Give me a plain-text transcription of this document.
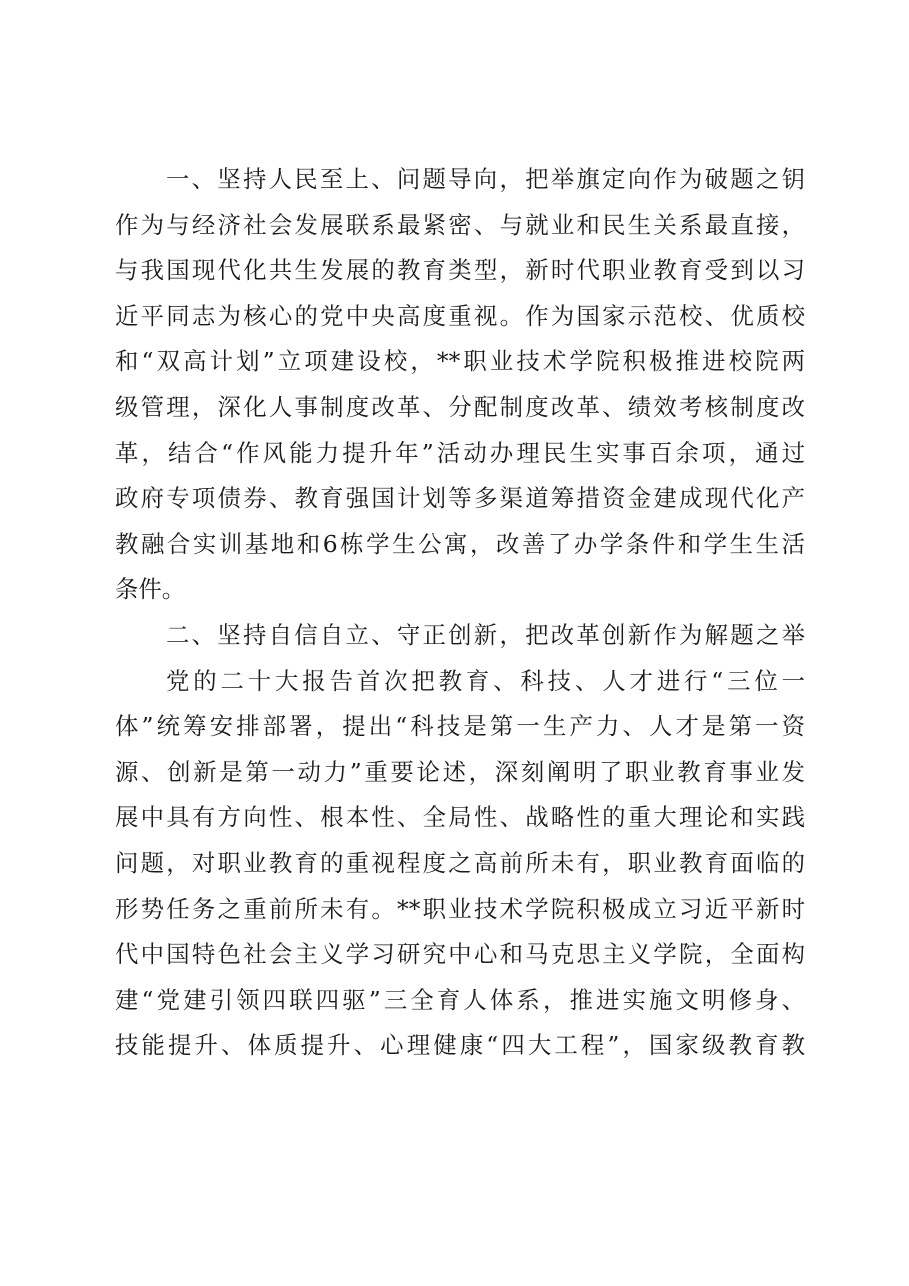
一、坚持人民至上、问题导向，把举旗定向作为破题之钥
作为与经济社会发展联系最紧密、与就业和民生关系最直接，
与我国现代化共生发展的教育类型，新时代职业教育受到以习
近平同志为核心的党中央高度重视。作为国家示范校、优质校
和“双高计划”立项建设校，**职业技术学院积极推进校院两
级管理，深化人事制度改革、分配制度改革、绩效考核制度改
革，结合“作风能力提升年”活动办理民生实事百余项，通过
政府专项债券、教育强国计划等多渠道筹措资金建成现代化产
教融合实训基地和6栋学生公寓，改善了办学条件和学生生活
条件。
二、坚持自信自立、守正创新，把改革创新作为解题之举
党的二十大报告首次把教育、科技、人才进行“三位一
体”统筹安排部署，提出“科技是第一生产力、人才是第一资
源、创新是第一动力”重要论述，深刻阐明了职业教育事业发
展中具有方向性、根本性、全局性、战略性的重大理论和实践
问题，对职业教育的重视程度之高前所未有，职业教育面临的
形势任务之重前所未有。**职业技术学院积极成立习近平新时
代中国特色社会主义学习研究中心和马克思主义学院，全面构
建“党建引领四联四驱”三全育人体系，推进实施文明修身、
技能提升、体质提升、心理健康“四大工程”，国家级教育教
